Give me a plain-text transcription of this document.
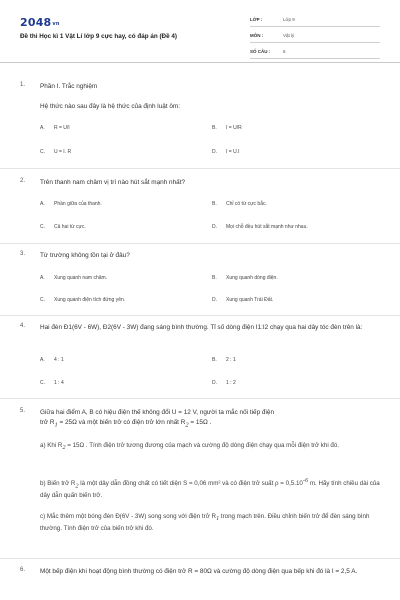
$2048_{vn}$
Đề thi Học kì 1 Vật Lí lớp 9 cực hay, có đáp án (Đề 4)
LỚP :	Lớp 9
MÔN :	Vật lý
SỐ CÂU :	6
1. Phần I. Trắc nghiệm
Hệ thức nào sau đây là hệ thức của định luật ôm:
A. R = U/I	B. I = U/R
C. U = I. R	D. I = U.I
2. Trên thanh nam châm vị trí nào hút sắt mạnh nhất?
A. Phần giữa của thanh.	B. Chỉ có từ cực bắc.
C. Cả hai từ cực.	D. Mọi chỗ đều hút sắt mạnh như nhau.
3. Từ trường không tồn tại ở đâu?
A. Xung quanh nam châm.	B. Xung quanh dòng điện.
C. Xung quanh điện tích đứng yên.	D. Xung quanh Trái Đất.
4. Hai đèn Đ1(6V - 6W), Đ2(6V - 3W) đang sáng bình thường. Tỉ số dòng điện I1:I2 chạy qua hai dây tóc đèn trên là:
A. 4 : 1	B. 2 : 1
C. 1 : 4	D. 1 : 2
5. Giữa hai điểm A, B có hiệu điện thế không đổi U = 12 V, người ta mắc nối tiếp điện
trở $R_1 = 25\Omega$ và một biến trở có điện trở lớn nhất $R_2 = 15\Omega$ .
a) Khi $R_2 = 15\Omega$ . Tính điện trở tương đương của mạch và cường độ dòng điện chạy qua mỗi điện trở khi đó.
b) Biến trở $R_2$ là một dây dẫn đồng chất có tiết diện S = 0,06 mm² và có điện trở suất $\rho = 0,5.10^{-6}$ m. Hãy tính chiều dài của dây dẫn quấn biến trở.
c) Mắc thêm một bóng đèn Đ(6V - 3W) song song với điện trở $R_1$ trong mạch trên. Điều chỉnh biến trở để đèn sáng bình thường. Tính điện trở của biến trở khi đó.
6. Một bếp điện khi hoạt động bình thường có điện trở R = 80Ω và cường độ dòng điện qua bếp khi đó là I = 2,5 A.
